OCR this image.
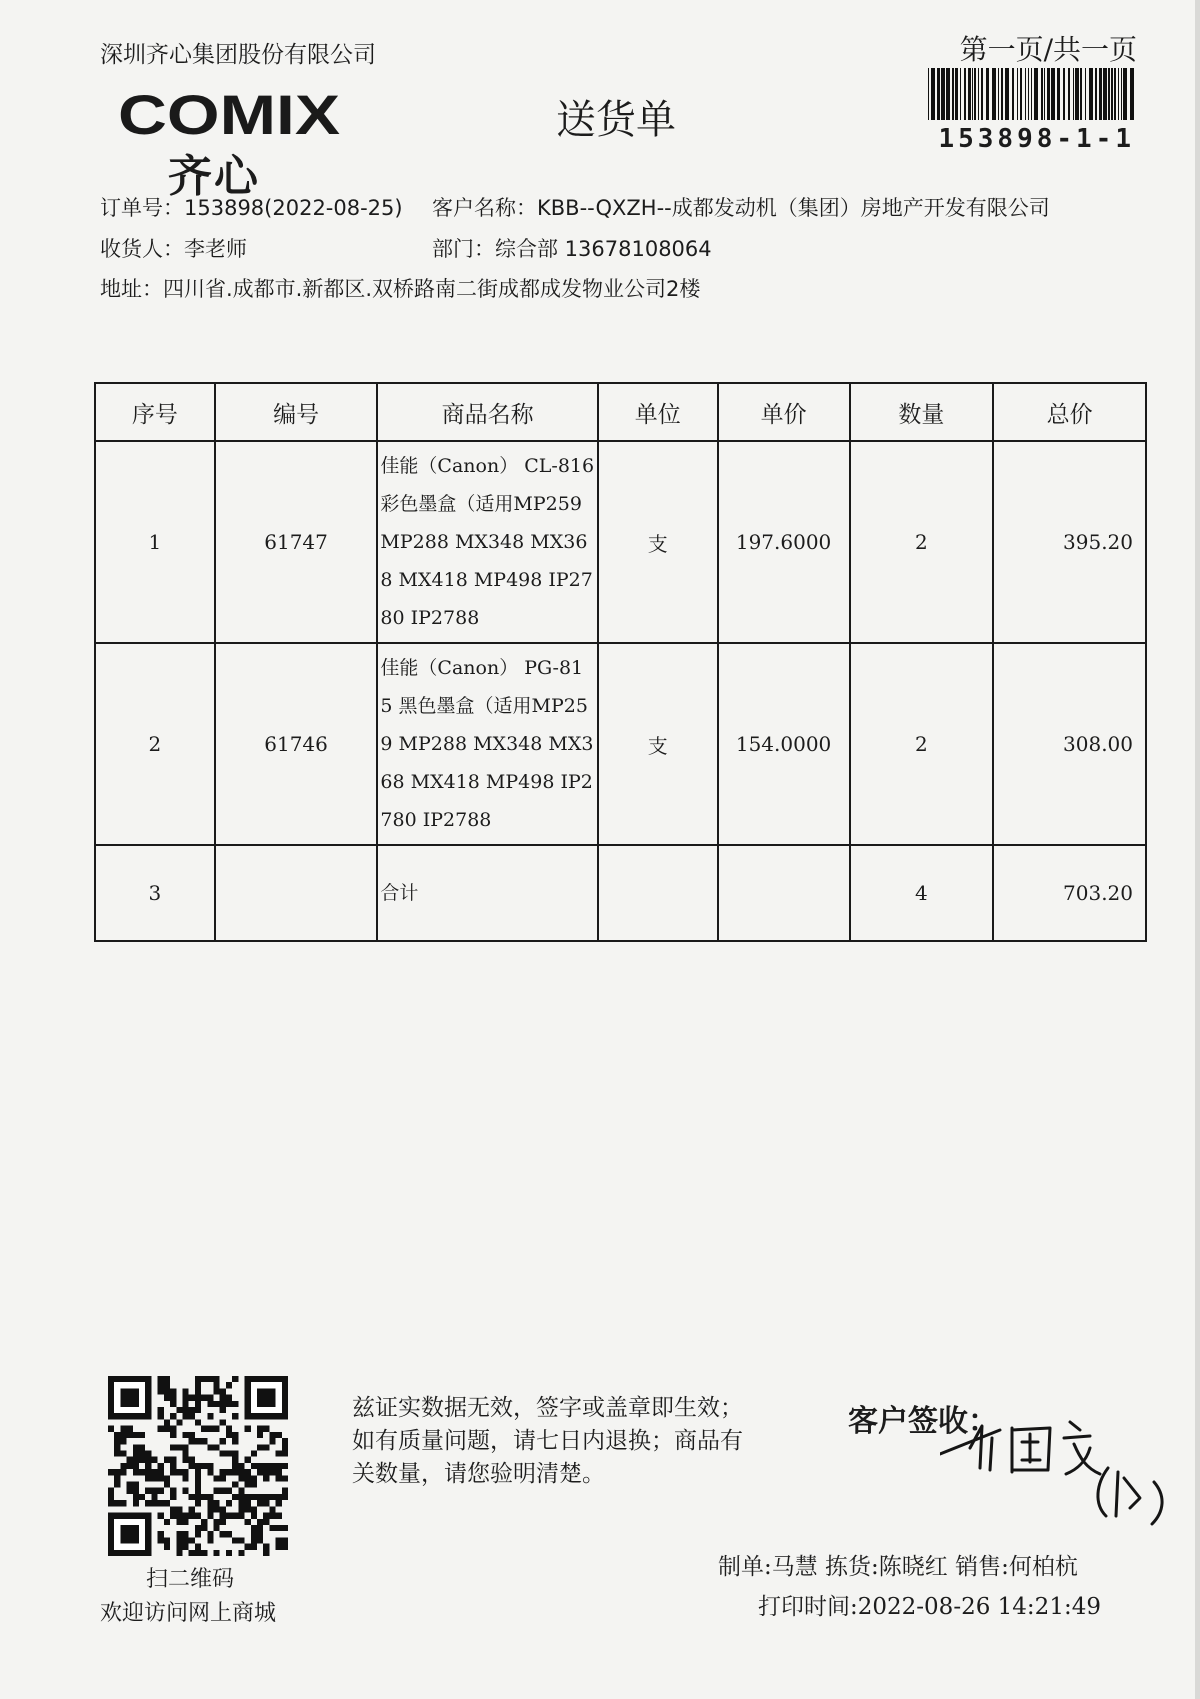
深圳齐心集团股份有限公司	第一页/共一页
153898-1-1
COMIX
齐心
送货单
订单号：153898(2022-08-25) 客户名称：KBB--QXZH--成都发动机（集团）房地产开发有限公司
收货人：李老师	部门：综合部 13678108064
地址：四川省.成都市.新都区.双桥路南二街成都成发物业公司2楼
序号	编号	商品名称	单位	单价	数量	总价
1	61747	佳能（Canon） CL-816 彩色墨盒（适用MP259 MP288 MX348 MX368 MX418 MP498 IP2780 IP2788	支	197.6000	2	395.20
2	61746	佳能（Canon） PG-815 黑色墨盒（适用MP259 MP288 MX348 MX368 MX418 MP498 IP2780 IP2788	支	154.0000	2	308.00
3		合计			4	703.20
扫二维码
欢迎访问网上商城
兹证实数据无效，签字或盖章即生效；如有质量问题，请七日内退换；商品有关数量，请您验明清楚。
客户签收：
何国良(代)
制单:马慧 拣货:陈晓红 销售:何柏杭
打印时间:2022-08-26 14:21:49
